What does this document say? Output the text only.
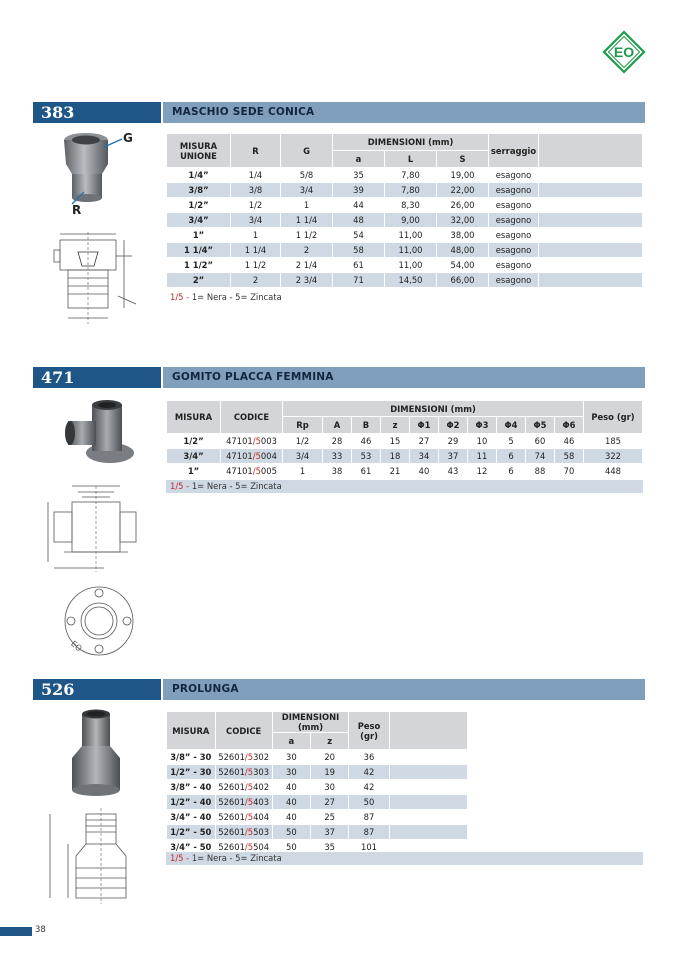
EO
383	MASCHIO SEDE CONICA
G
R
MISURA UNIONE	R	G	DIMENSIONI (mm)			serraggio	
			a	L	S		
1/4”	1/4	5/8	35	7,80	19,00	esagono	
3/8”	3/8	3/4	39	7,80	22,00	esagono	
1/2”	1/2	1	44	8,30	26,00	esagono	
3/4”	3/4	1 1/4	48	9,00	32,00	esagono	
1”	1	1 1/2	54	11,00	38,00	esagono	
1 1/4”	1 1/4	2	58	11,00	48,00	esagono	
1 1/2”	1 1/2	2 1/4	61	11,00	54,00	esagono	
2”	2	2 3/4	71	14,50	66,00	esagono	
1/5 - 1= Nera - 5= Zincata
471	GOMITO PLACCA FEMMINA
EO
MISURA	CODICE	DIMENSIONI (mm)										Peso (gr)
		Rp	A	B	z	Φ1	Φ2	Φ3	Φ4	Φ5	Φ6	
1/2”	47101/5003	1/2	28	46	15	27	29	10	5	60	46	185
3/4”	47101/5004	3/4	33	53	18	34	37	11	6	74	58	322
1”	47101/5005	1	38	61	21	40	43	12	6	88	70	448
1/5 - 1= Nera - 5= Zincata
526	PROLUNGA
MISURA	CODICE	DIMENSIONI (mm)		Peso (gr)	
		a	z		
3/8” - 30	52601/5302	30	20	36	
1/2” - 30	52601/5303	30	19	42	
3/8” - 40	52601/5402	40	30	42	
1/2” - 40	52601/5403	40	27	50	
3/4” - 40	52601/5404	40	25	87	
1/2” - 50	52601/5503	50	37	87	
3/4” - 50	52601/5504	50	35	101	
1/5 - 1= Nera - 5= Zincata
38
